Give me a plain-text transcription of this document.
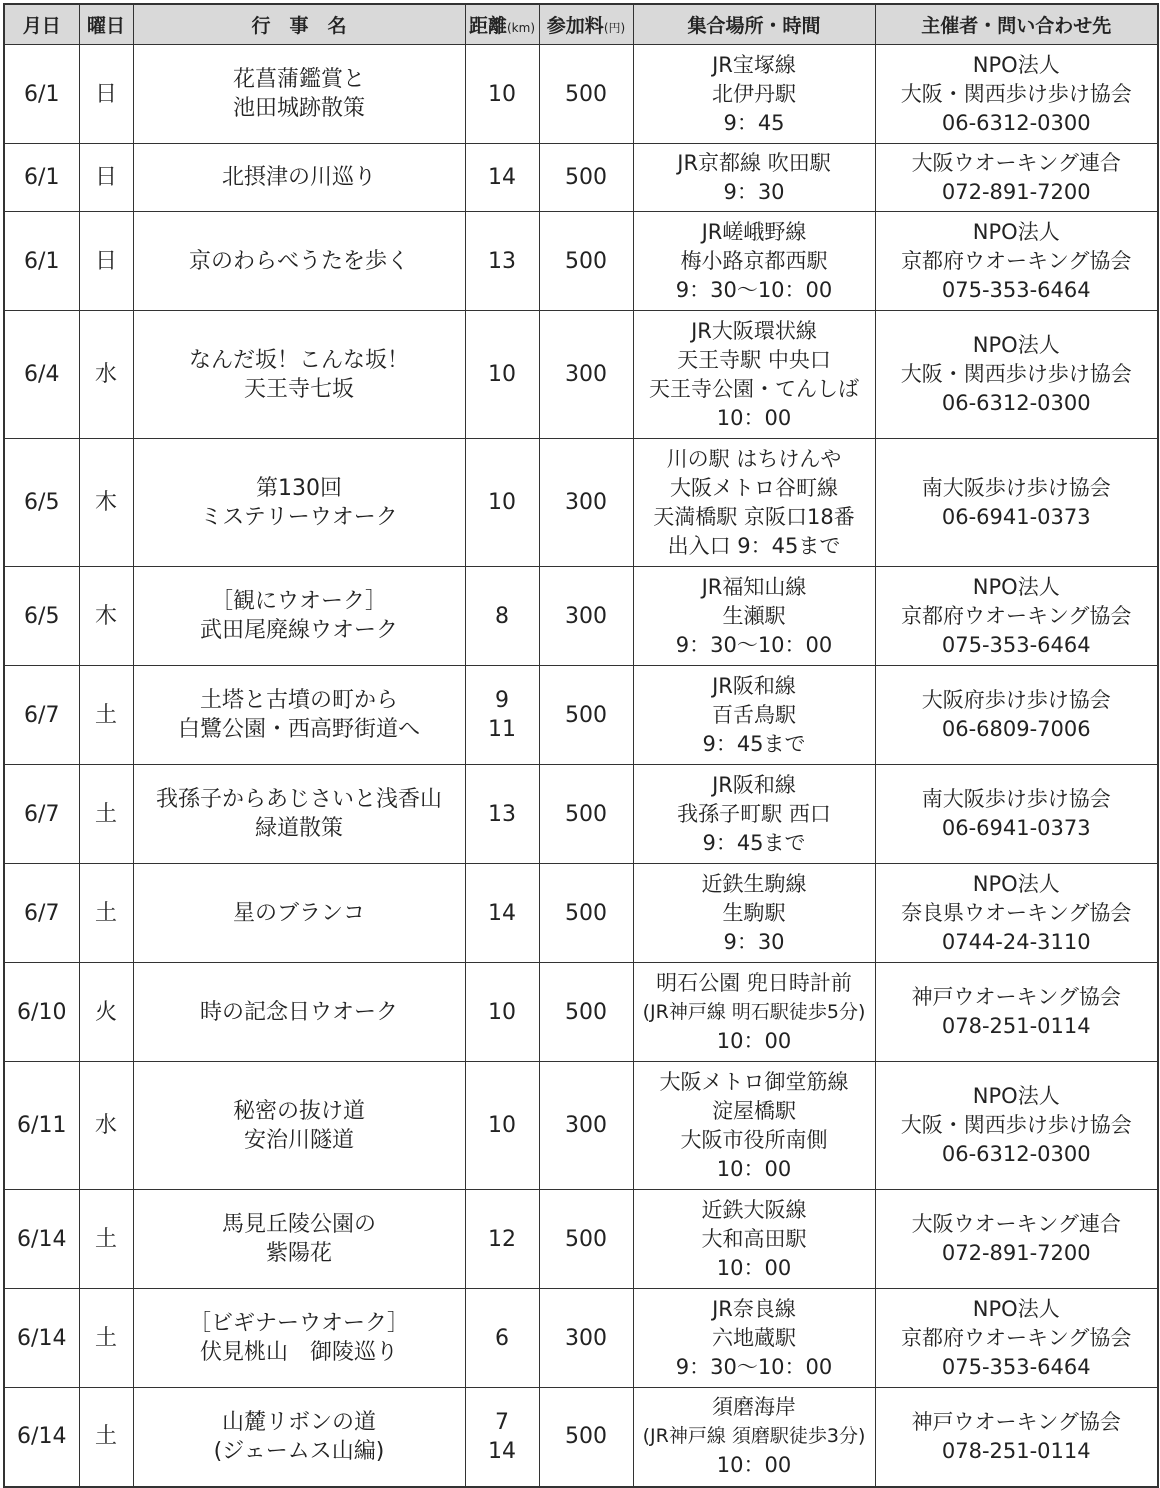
月日	曜日	行　事　名	距離(km)	参加料(円)	集合場所・時間	主催者・問い合わせ先
6/1	日	花菖蒲鑑賞と
池田城跡散策	10	500	JR宝塚線
北伊丹駅
9：45	NPO法人
大阪・関西歩け歩け協会
06-6312-0300

6/1	日	北摂津の川巡り	14	500	JR京都線 吹田駅
9：30	大阪ウオーキング連合
072-891-7200

6/1	日	京のわらべうたを歩く	13	500	JR嵯峨野線
梅小路京都西駅
9：30〜10：00	NPO法人
京都府ウオーキング協会
075-353-6464

6/4	水	なんだ坂！こんな坂！
天王寺七坂	10	300	JR大阪環状線
天王寺駅 中央口
天王寺公園・てんしば
10：00	NPO法人
大阪・関西歩け歩け協会
06-6312-0300

6/5	木	第130回
ミステリーウオーク	10	300	川の駅 はちけんや
大阪メトロ谷町線
天満橋駅 京阪口18番
出入口 9：45まで	南大阪歩け歩け協会
06-6941-0373

6/5	木	［観にウオーク］
武田尾廃線ウオーク	8	300	JR福知山線
生瀬駅
9：30〜10：00	NPO法人
京都府ウオーキング協会
075-353-6464

6/7	土	土塔と古墳の町から
白鷺公園・西高野街道へ	9
11	500	JR阪和線
百舌鳥駅
9：45まで	大阪府歩け歩け協会
06-6809-7006

6/7	土	我孫子からあじさいと浅香山
緑道散策	13	500	JR阪和線
我孫子町駅 西口
9：45まで	南大阪歩け歩け協会
06-6941-0373

6/7	土	星のブランコ	14	500	近鉄生駒線
生駒駅
9：30	NPO法人
奈良県ウオーキング協会
0744-24-3110

6/10	火	時の記念日ウオーク	10	500	明石公園 兜日時計前
(JR神戸線 明石駅徒歩5分)
10：00	神戸ウオーキング協会
078-251-0114

6/11	水	秘密の抜け道
安治川隧道	10	300	大阪メトロ御堂筋線
淀屋橋駅
大阪市役所南側
10：00	NPO法人
大阪・関西歩け歩け協会
06-6312-0300

6/14	土	馬見丘陵公園の
紫陽花	12	500	近鉄大阪線
大和高田駅
10：00	大阪ウオーキング連合
072-891-7200

6/14	土	［ビギナーウオーク］
伏見桃山　御陵巡り	6	300	JR奈良線
六地蔵駅
9：30〜10：00	NPO法人
京都府ウオーキング協会
075-353-6464

6/14	土	山麓リボンの道
(ジェームス山編)	7
14	500	須磨海岸
(JR神戸線 須磨駅徒歩3分)
10：00	神戸ウオーキング協会
078-251-0114
